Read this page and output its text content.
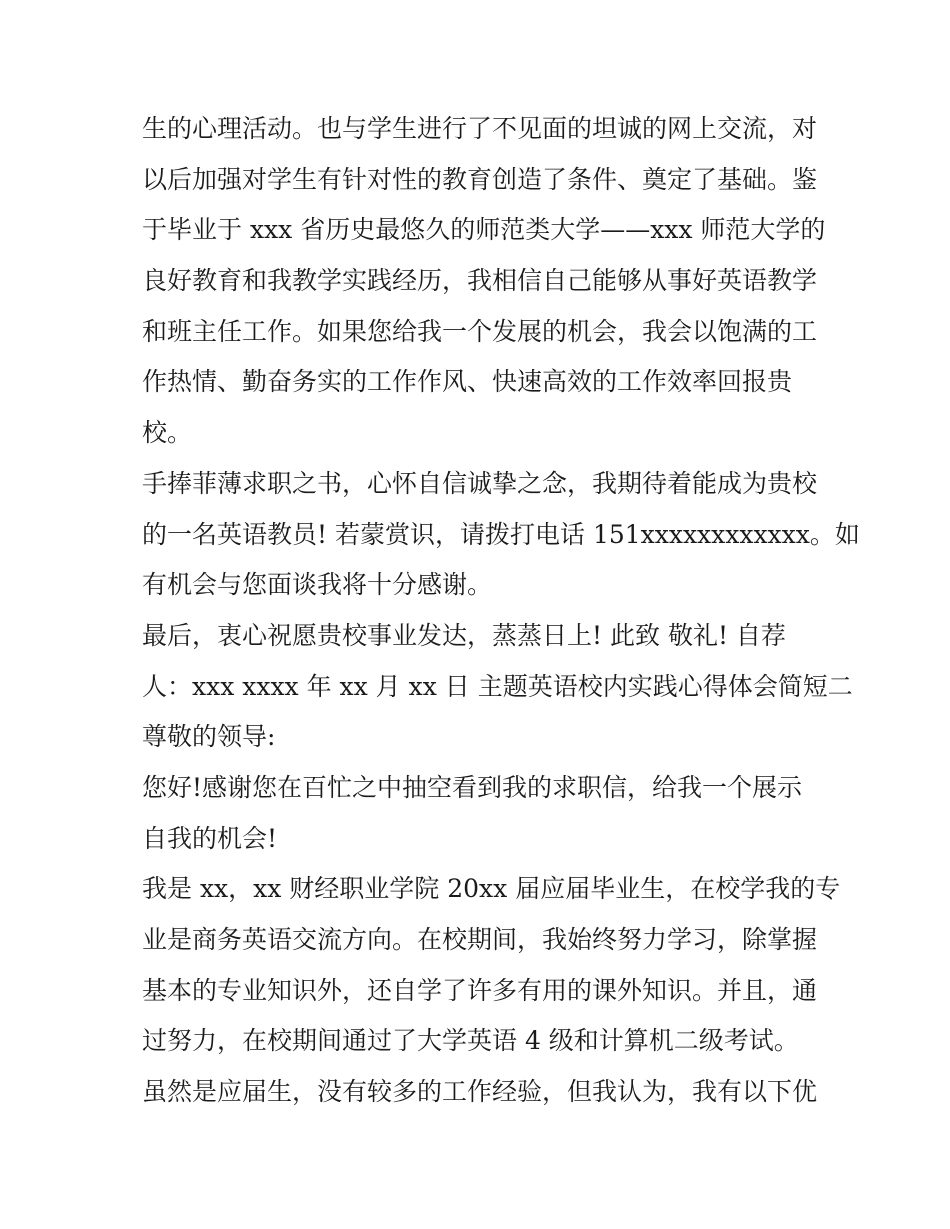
生的心理活动。也与学生进行了不见面的坦诚的网上交流，对
以后加强对学生有针对性的教育创造了条件、奠定了基础。鉴
于毕业于 xxx 省历史最悠久的师范类大学——xxx 师范大学的
良好教育和我教学实践经历，我相信自己能够从事好英语教学
和班主任工作。如果您给我一个发展的机会，我会以饱满的工
作热情、勤奋务实的工作作风、快速高效的工作效率回报贵
校。
手捧菲薄求职之书，心怀自信诚挚之念，我期待着能成为贵校
的一名英语教员! 若蒙赏识，请拨打电话 151xxxxxxxxxxxx。如
有机会与您面谈我将十分感谢。
最后，衷心祝愿贵校事业发达，蒸蒸日上! 此致 敬礼! 自荐
人：xxx xxxx 年 xx 月 xx 日 主题英语校内实践心得体会简短二
尊敬的领导:
您好!感谢您在百忙之中抽空看到我的求职信，给我一个展示
自我的机会!
我是 xx，xx 财经职业学院 20xx 届应届毕业生，在校学我的专
业是商务英语交流方向。在校期间，我始终努力学习，除掌握
基本的专业知识外，还自学了许多有用的课外知识。并且，通
过努力，在校期间通过了大学英语 4 级和计算机二级考试。
虽然是应届生，没有较多的工作经验，但我认为，我有以下优
